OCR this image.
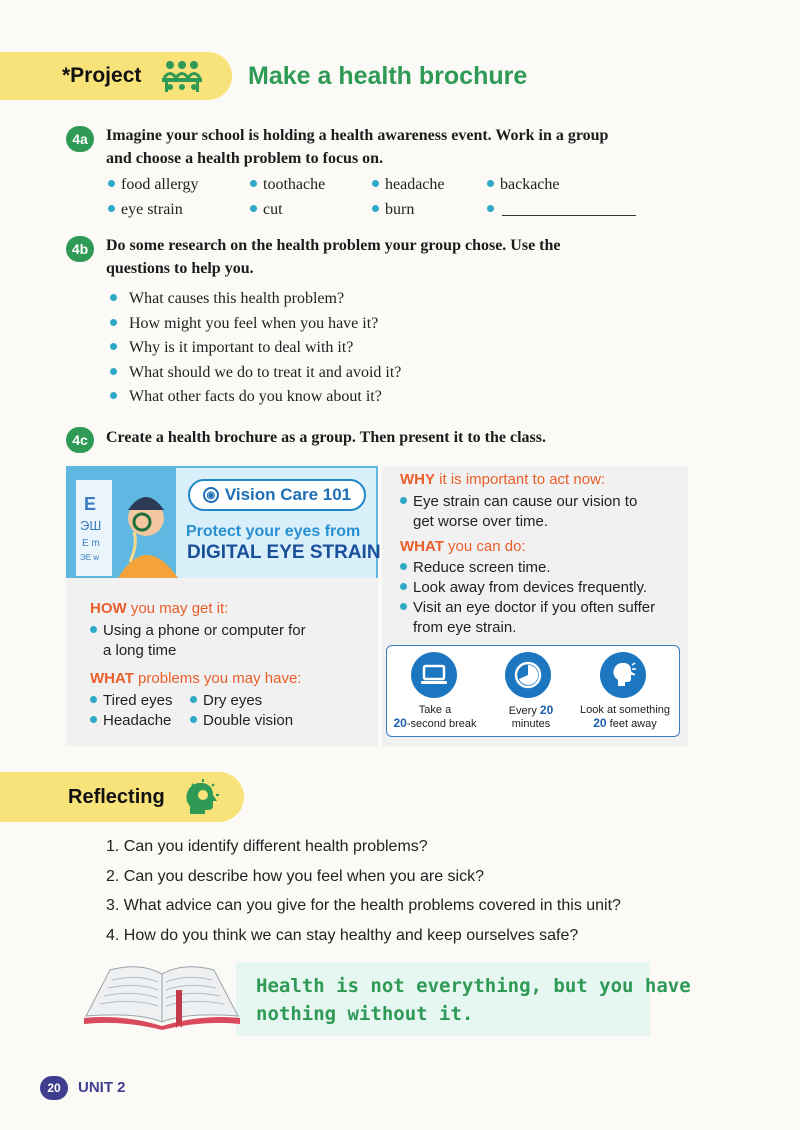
*Project	Make a health brochure
4a	Imagine your school is holding a health awareness event. Work in a group
and choose a health problem to focus on.
food allergy	toothache	headache	backache
eye strain	cut	burn
4b	Do some research on the health problem your group chose. Use the
questions to help you.
What causes this health problem?
How might you feel when you have it?
Why is it important to deal with it?
What should we do to treat it and avoid it?
What other facts do you know about it?
4c	Create a health brochure as a group. Then present it to the class.
E
ЭШ
E m
ЭE w
◉ Vision Care 101
Protect your eyes from
DIGITAL EYE STRAIN
HOW you may get it:
Using a phone or computer for
a long time
WHAT problems you may have:
Tired eyes	Dry eyes
Headache	Double vision
WHY it is important to act now:
Eye strain can cause our vision to
get worse over time.
WHAT you can do:
Reduce screen time.
Look away from devices frequently.
Visit an eye doctor if you often suffer
from eye strain.
Take a
20-second break
Every 20
minutes
Look at something
20 feet away
Reflecting
1. Can you identify different health problems?
2. Can you describe how you feel when you are sick?
3. What advice can you give for the health problems covered in this unit?
4. How do you think we can stay healthy and keep ourselves safe?
Health is not everything, but you have
nothing without it.
20	UNIT 2
